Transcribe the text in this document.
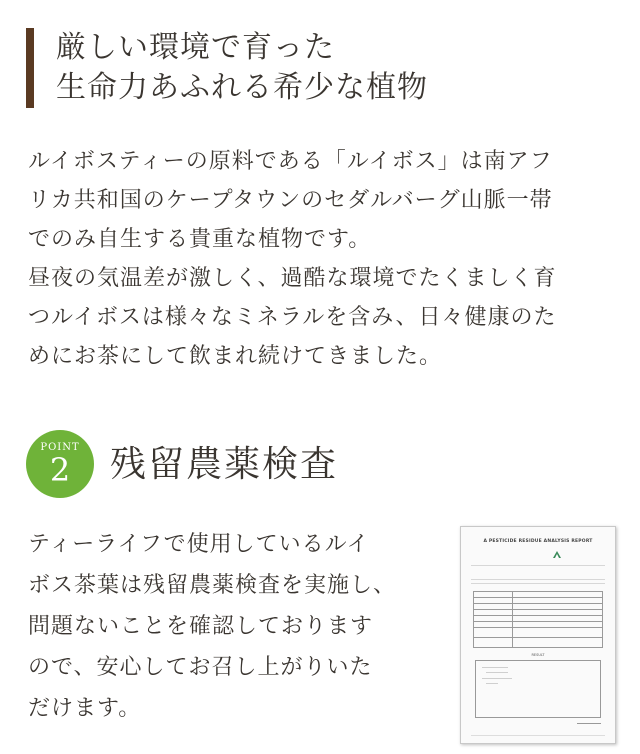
厳しい環境で育った
生命力あふれる希少な植物
ルイボスティーの原料である「ルイボス」は南アフ
リカ共和国のケープタウンのセダルバーグ山脈一帯
でのみ自生する貴重な植物です。
昼夜の気温差が激しく、過酷な環境でたくましく育
つルイボスは様々なミネラルを含み、日々健康のた
めにお茶にして飲まれ続けてきました。
POINT
2	残留農薬検査
ティーライフで使用しているルイ
ボス茶葉は残留農薬検査を実施し、
問題ないことを確認しております
ので、安心してお召し上がりいた
だけます。
A PESTICIDE RESIDUE ANALYSIS REPORT

RESULT
